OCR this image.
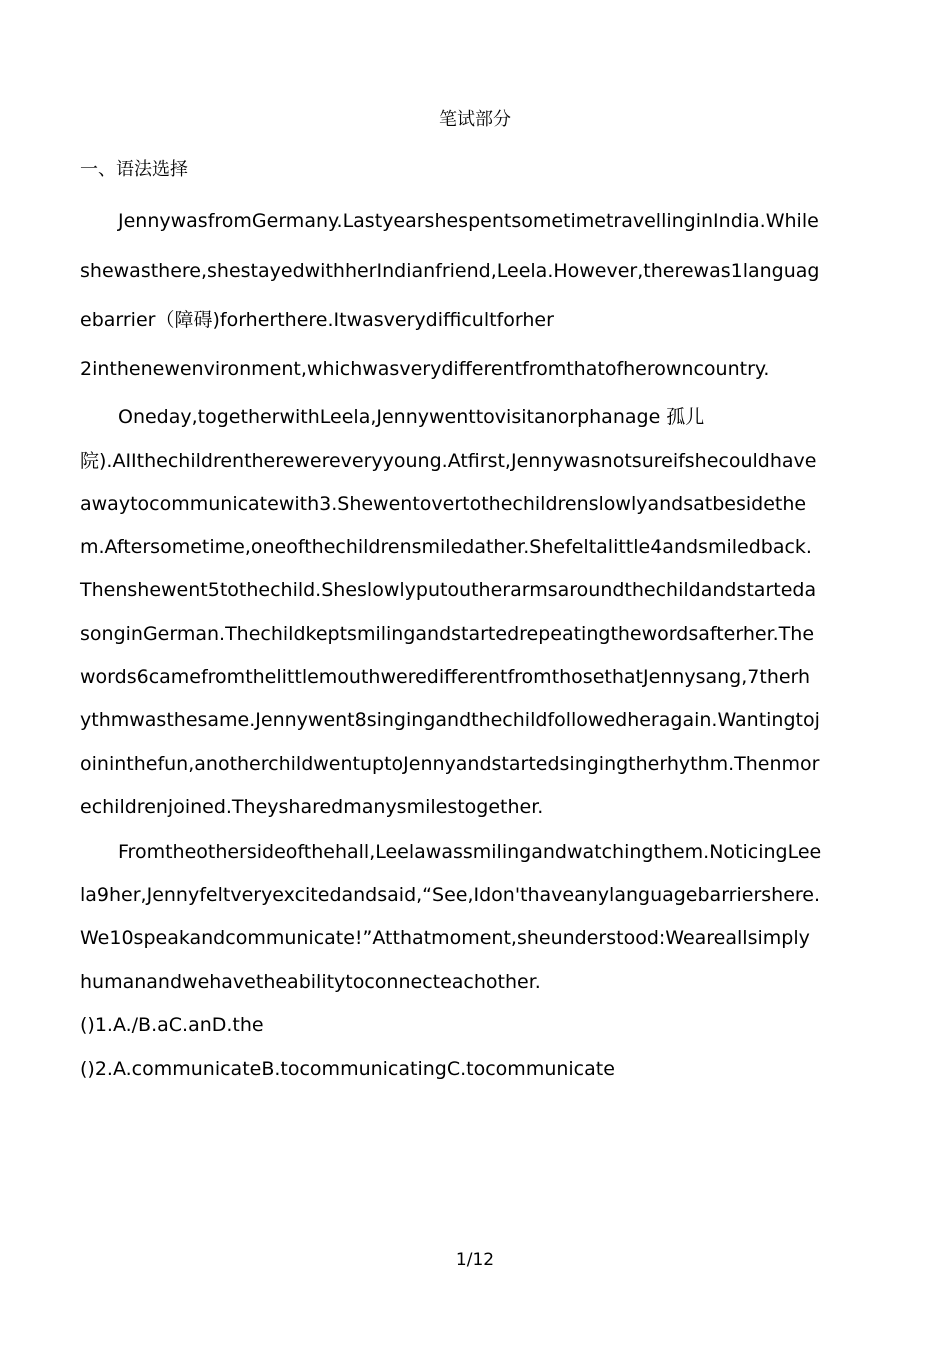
笔试部分
一、语法选择
　　JennywasfromGermany.LastyearshespentsometimetravellinginIndia.While
shewasthere,shestayedwithherIndianfriend,Leela.However,therewas1languag
ebarrier（障碍)forherthere.Itwasverydifficultforher
2inthenewenvironment,whichwasverydifferentfromthatofherowncountry.
　　Oneday,togetherwithLeela,Jennywenttovisitanorphanage 孤儿
院).AIIthechildrentherewereveryyoung.Atfirst,Jennywasnotsureifshecouldhave
awaytocommunicatewith3.Shewentovertothechildrenslowlyandsatbesidethe
m.Aftersometime,oneofthechildrensmiledather.Shefeltalittle4andsmiledback.
Thenshewent5tothechild.Sheslowlyputoutherarmsaroundthechildandstarteda
songinGerman.Thechildkeptsmilingandstartedrepeatingthewordsafterher.The
words6camefromthelittlemouthweredifferentfromthosethatJennysang,7therh
ythmwasthesame.Jennywent8singingandthechildfollowedheragain.Wantingtoj
oininthefun,anotherchildwentuptoJennyandstartedsingingtherhythm.Thenmor
echildrenjoined.Theysharedmanysmilestogether.
　　Fromtheothersideofthehall,Leelawassmilingandwatchingthem.NoticingLee
la9her,Jennyfeltveryexcitedandsaid,“See,Idon'thaveanylanguagebarriershere.
We10speakandcommunicate!”Atthatmoment,sheunderstood:Weareallsimply
humanandwehavetheabilitytoconnecteachother.
()1.A./B.aC.anD.the
()2.A.communicateB.tocommunicatingC.tocommunicate
1/12
